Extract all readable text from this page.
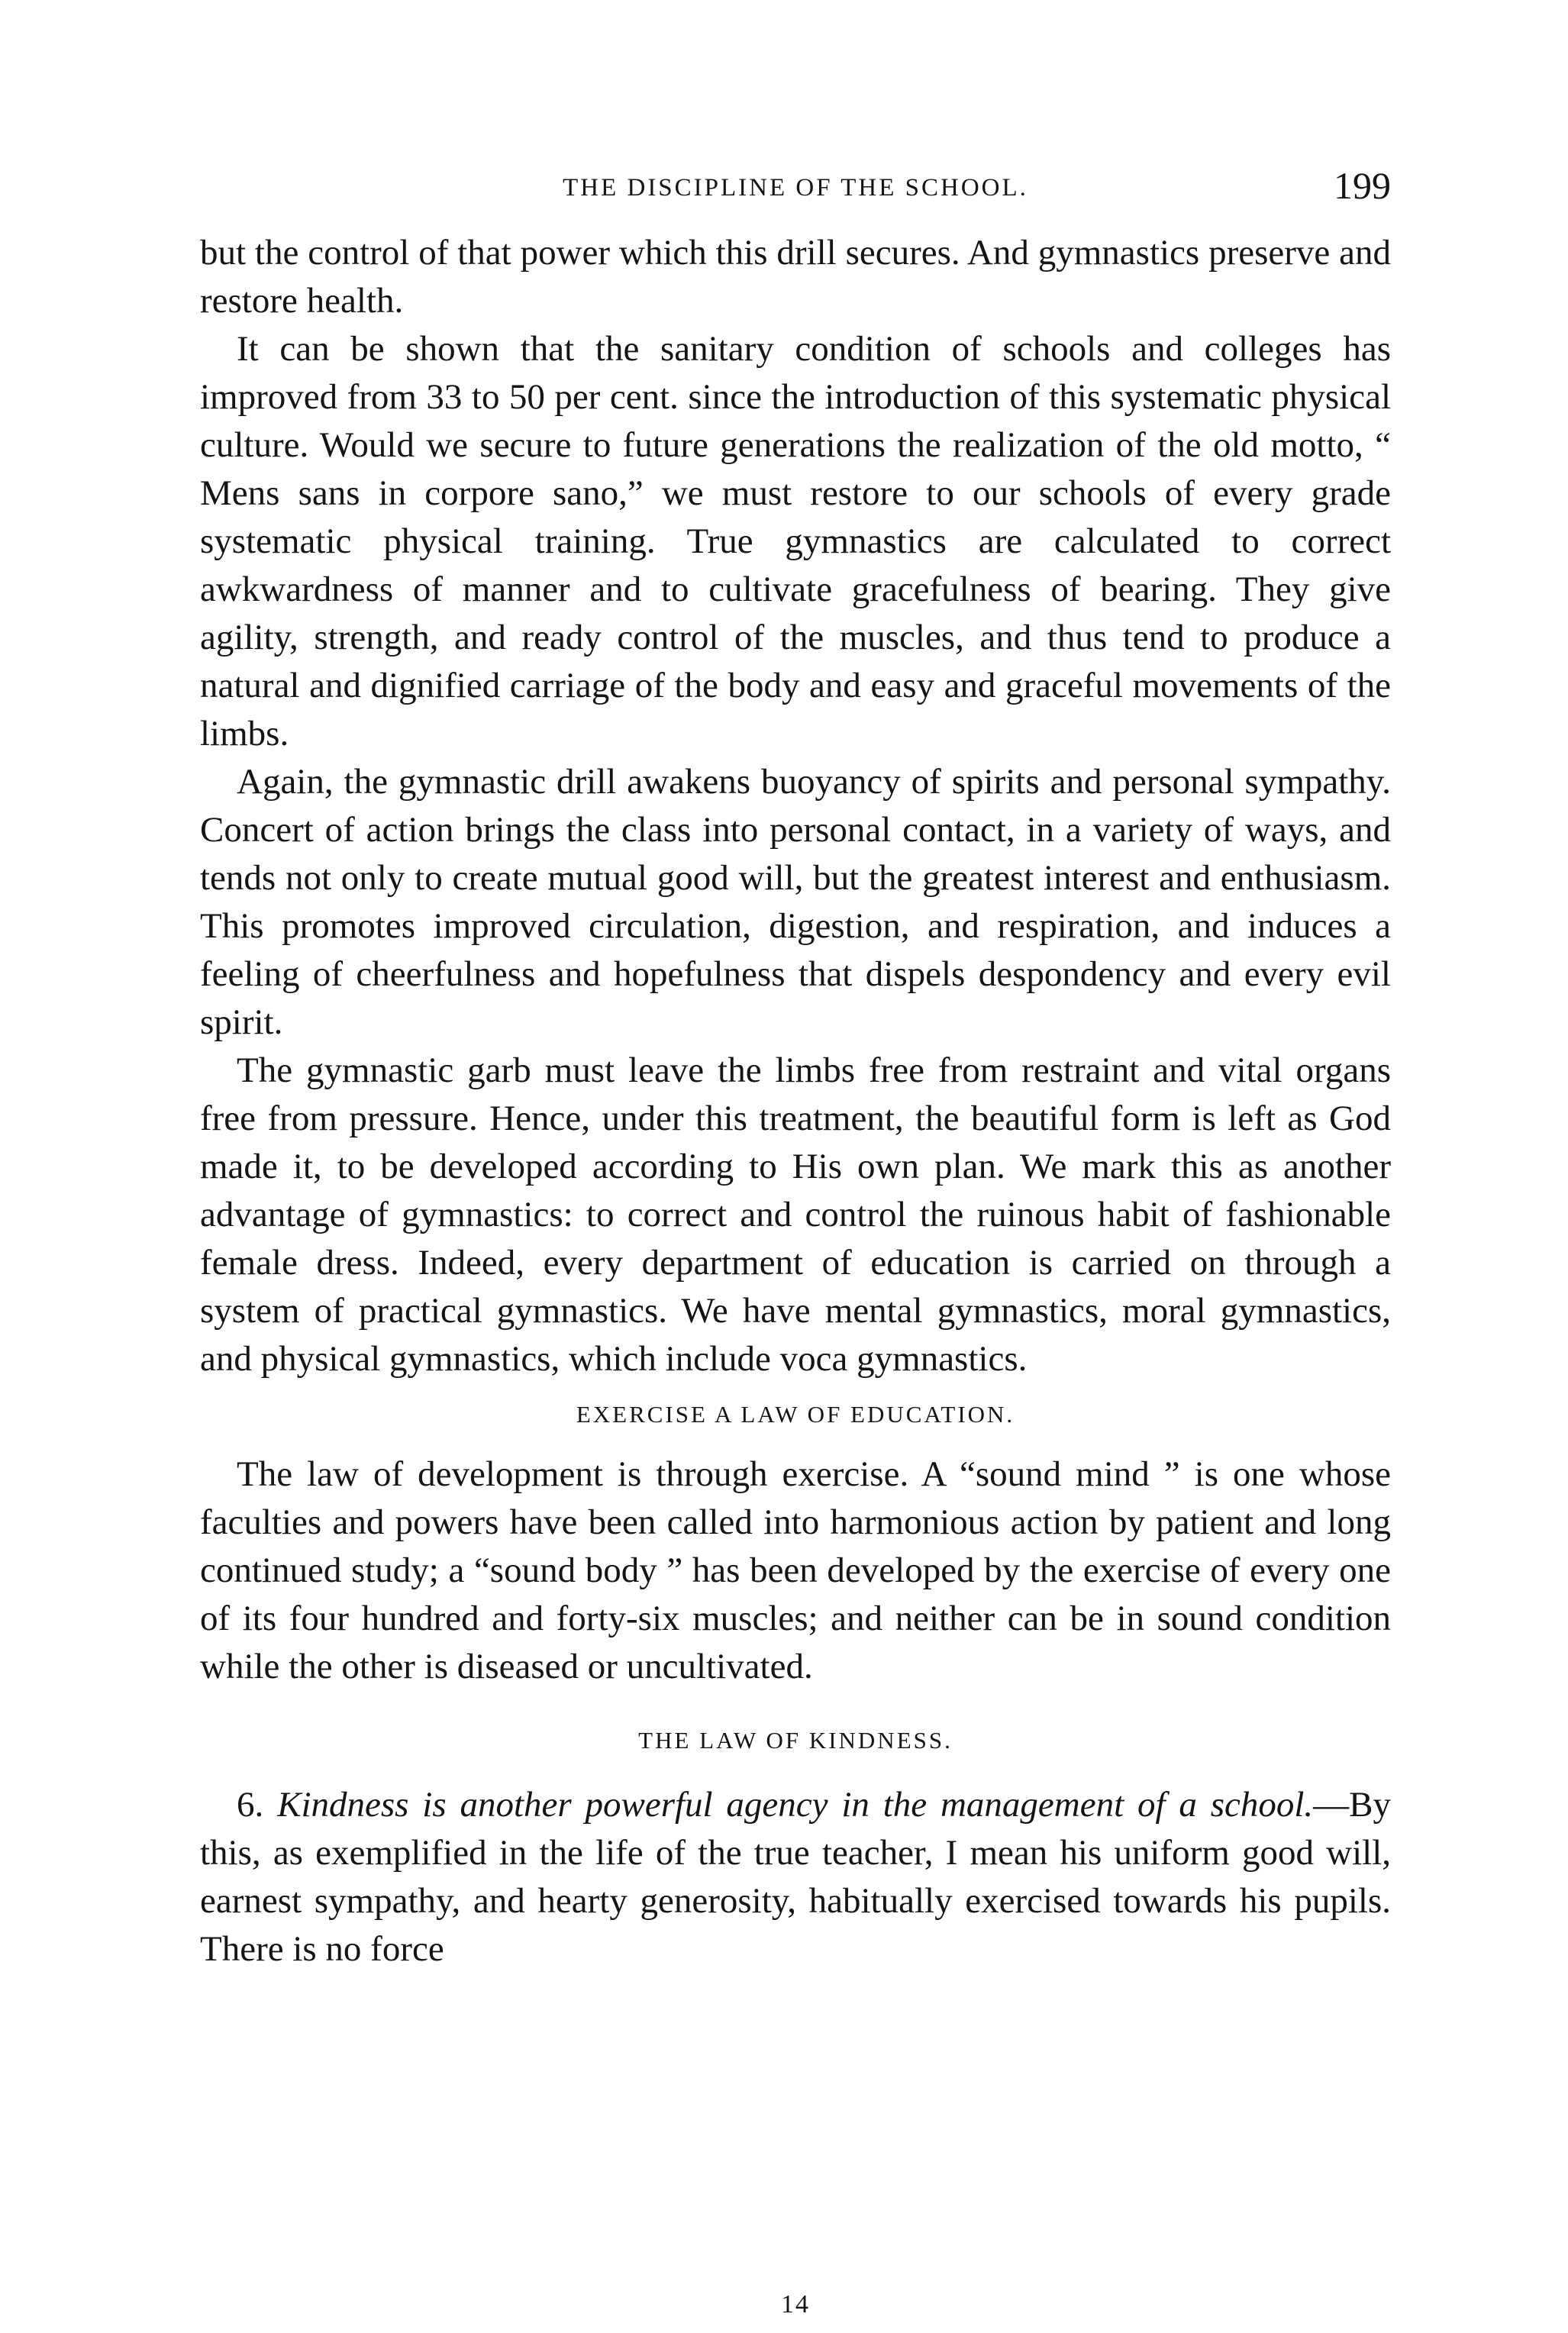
THE DISCIPLINE OF THE SCHOOL.	199

but the control of that power which this drill secures. And gymnastics preserve and restore health.

It can be shown that the sanitary condition of schools and colleges has improved from 33 to 50 per cent. since the introduction of this systematic physical culture. Would we secure to future generations the realization of the old motto, “ Mens sans in corpore sano,” we must restore to our schools of every grade systematic physical training. True gymnastics are calculated to correct awkwardness of manner and to cultivate gracefulness of bearing. They give agility, strength, and ready control of the muscles, and thus tend to produce a natural and dignified carriage of the body and easy and graceful movements of the limbs.

Again, the gymnastic drill awakens buoyancy of spirits and personal sympathy. Concert of action brings the class into personal contact, in a variety of ways, and tends not only to create mutual good will, but the greatest interest and enthusiasm. This promotes improved circulation, digestion, and respiration, and induces a feeling of cheerfulness and hopefulness that dispels despondency and every evil spirit.

The gymnastic garb must leave the limbs free from restraint and vital organs free from pressure. Hence, under this treatment, the beautiful form is left as God made it, to be developed according to His own plan. We mark this as another advantage of gymnastics: to correct and control the ruinous habit of fashionable female dress. Indeed, every department of education is carried on through a system of practical gymnastics. We have mental gymnastics, moral gymnastics, and physical gymnastics, which include voca gymnastics.

EXERCISE A LAW OF EDUCATION.

The law of development is through exercise. A “sound mind ” is one whose faculties and powers have been called into harmonious action by patient and long continued study; a “sound body ” has been developed by the exercise of every one of its four hundred and forty-six muscles; and neither can be in sound condition while the other is diseased or uncultivated.

THE LAW OF KINDNESS.

6. Kindness is another powerful agency in the management of a school.—By this, as exemplified in the life of the true teacher, I mean his uniform good will, earnest sympathy, and hearty generosity, habitually exercised towards his pupils. There is no force

14
